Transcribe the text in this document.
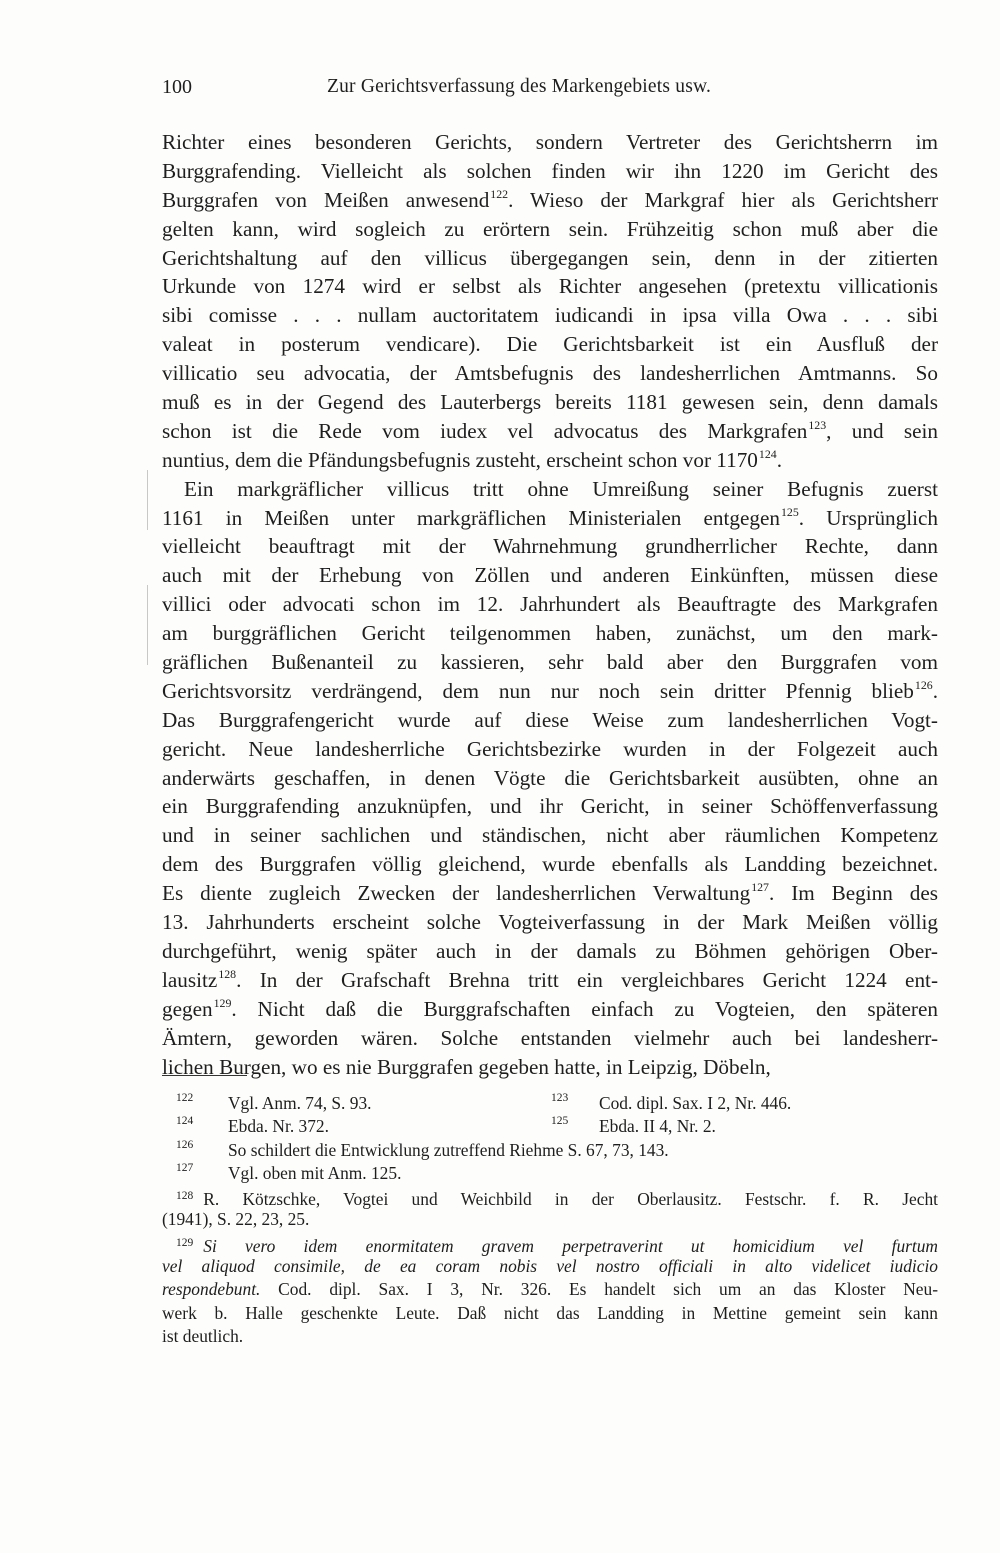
100	Zur Gerichtsverfassung des Markengebiets usw.
Richter eines besonderen Gerichts, sondern Vertreter des Gerichtsherrn im
Burggrafending. Vielleicht als solchen finden wir ihn 1220 im Gericht des
Burggrafen von Meißen anwesend$^{122}$. Wieso der Markgraf hier als Gerichtsherr
gelten kann, wird sogleich zu erörtern sein. Frühzeitig schon muß aber die
Gerichtshaltung auf den villicus übergegangen sein, denn in der zitierten
Urkunde von 1274 wird er selbst als Richter angesehen (pretextu villicationis
sibi comisse . . . nullam auctoritatem iudicandi in ipsa villa Owa . . . sibi
valeat in posterum vendicare). Die Gerichtsbarkeit ist ein Ausfluß der
villicatio seu advocatia, der Amtsbefugnis des landesherrlichen Amtmanns. So
muß es in der Gegend des Lauterbergs bereits 1181 gewesen sein, denn damals
schon ist die Rede vom iudex vel advocatus des Markgrafen$^{123}$, und sein
nuntius, dem die Pfändungsbefugnis zusteht, erscheint schon vor 1170$^{124}$.
Ein markgräflicher villicus tritt ohne Umreißung seiner Befugnis zuerst
1161 in Meißen unter markgräflichen Ministerialen entgegen$^{125}$. Ursprünglich
vielleicht beauftragt mit der Wahrnehmung grundherrlicher Rechte, dann
auch mit der Erhebung von Zöllen und anderen Einkünften, müssen diese
villici oder advocati schon im 12. Jahrhundert als Beauftragte des Markgrafen
am burggräflichen Gericht teilgenommen haben, zunächst, um den mark-
gräflichen Bußenanteil zu kassieren, sehr bald aber den Burggrafen vom
Gerichtsvorsitz verdrängend, dem nun nur noch sein dritter Pfennig blieb$^{126}$.
Das Burggrafengericht wurde auf diese Weise zum landesherrlichen Vogt-
gericht. Neue landesherrliche Gerichtsbezirke wurden in der Folgezeit auch
anderwärts geschaffen, in denen Vögte die Gerichtsbarkeit ausübten, ohne an
ein Burggrafending anzuknüpfen, und ihr Gericht, in seiner Schöffenverfassung
und in seiner sachlichen und ständischen, nicht aber räumlichen Kompetenz
dem des Burggrafen völlig gleichend, wurde ebenfalls als Landding bezeichnet.
Es diente zugleich Zwecken der landesherrlichen Verwaltung$^{127}$. Im Beginn des
13. Jahrhunderts erscheint solche Vogteiverfassung in der Mark Meißen völlig
durchgeführt, wenig später auch in der damals zu Böhmen gehörigen Ober-
lausitz$^{128}$. In der Grafschaft Brehna tritt ein vergleichbares Gericht 1224 ent-
gegen$^{129}$. Nicht daß die Burggrafschaften einfach zu Vogteien, den späteren
Ämtern, geworden wären. Solche entstanden vielmehr auch bei landesherr-
lichen Burgen, wo es nie Burggrafen gegeben hatte, in Leipzig, Döbeln,
122 Vgl. Anm. 74, S. 93.	123 Cod. dipl. Sax. I 2, Nr. 446.
124 Ebda. Nr. 372.	125 Ebda. II 4, Nr. 2.
126 So schildert die Entwicklung zutreffend Riehme S. 67, 73, 143.
127 Vgl. oben mit Anm. 125.
128 R. Kötzschke, Vogtei und Weichbild in der Oberlausitz. Festschr. f. R. Jecht
(1941), S. 22, 23, 25.
129 Si vero idem enormitatem gravem perpetraverint ut homicidium vel furtum
vel aliquod consimile, de ea coram nobis vel nostro officiali in alto videlicet iudicio
respondebunt. Cod. dipl. Sax. I 3, Nr. 326. Es handelt sich um an das Kloster Neu-
werk b. Halle geschenkte Leute. Daß nicht das Landding in Mettine gemeint sein kann
ist deutlich.
